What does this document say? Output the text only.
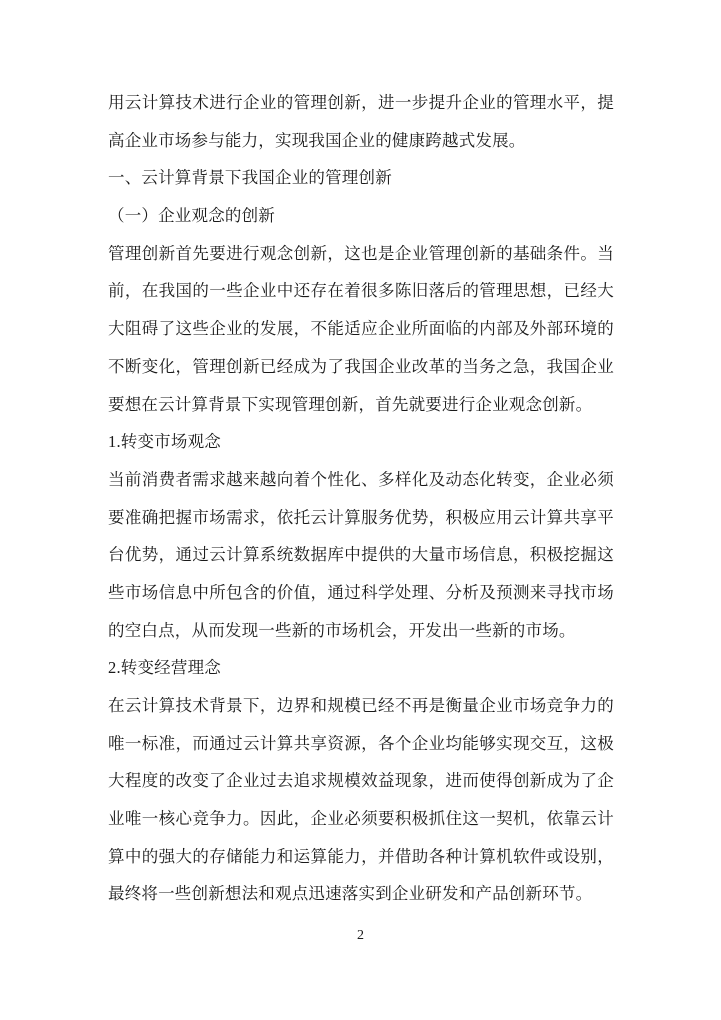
用云计算技术进行企业的管理创新，进一步提升企业的管理水平，提
高企业市场参与能力，实现我国企业的健康跨越式发展。
一、云计算背景下我国企业的管理创新
（一）企业观念的创新
管理创新首先要进行观念创新，这也是企业管理创新的基础条件。当
前，在我国的一些企业中还存在着很多陈旧落后的管理思想，已经大
大阻碍了这些企业的发展，不能适应企业所面临的内部及外部环境的
不断变化，管理创新已经成为了我国企业改革的当务之急，我国企业
要想在云计算背景下实现管理创新，首先就要进行企业观念创新。
1.转变市场观念
当前消费者需求越来越向着个性化、多样化及动态化转变，企业必须
要准确把握市场需求，依托云计算服务优势，积极应用云计算共享平
台优势，通过云计算系统数据库中提供的大量市场信息，积极挖掘这
些市场信息中所包含的价值，通过科学处理、分析及预测来寻找市场
的空白点，从而发现一些新的市场机会，开发出一些新的市场。
2.转变经营理念
在云计算技术背景下，边界和规模已经不再是衡量企业市场竞争力的
唯一标准，而通过云计算共享资源，各个企业均能够实现交互，这极
大程度的改变了企业过去追求规模效益现象，进而使得创新成为了企
业唯一核心竞争力。因此，企业必须要积极抓住这一契机，依靠云计
算中的强大的存储能力和运算能力，并借助各种计算机软件或设别，
最终将一些创新想法和观点迅速落实到企业研发和产品创新环节。
2
